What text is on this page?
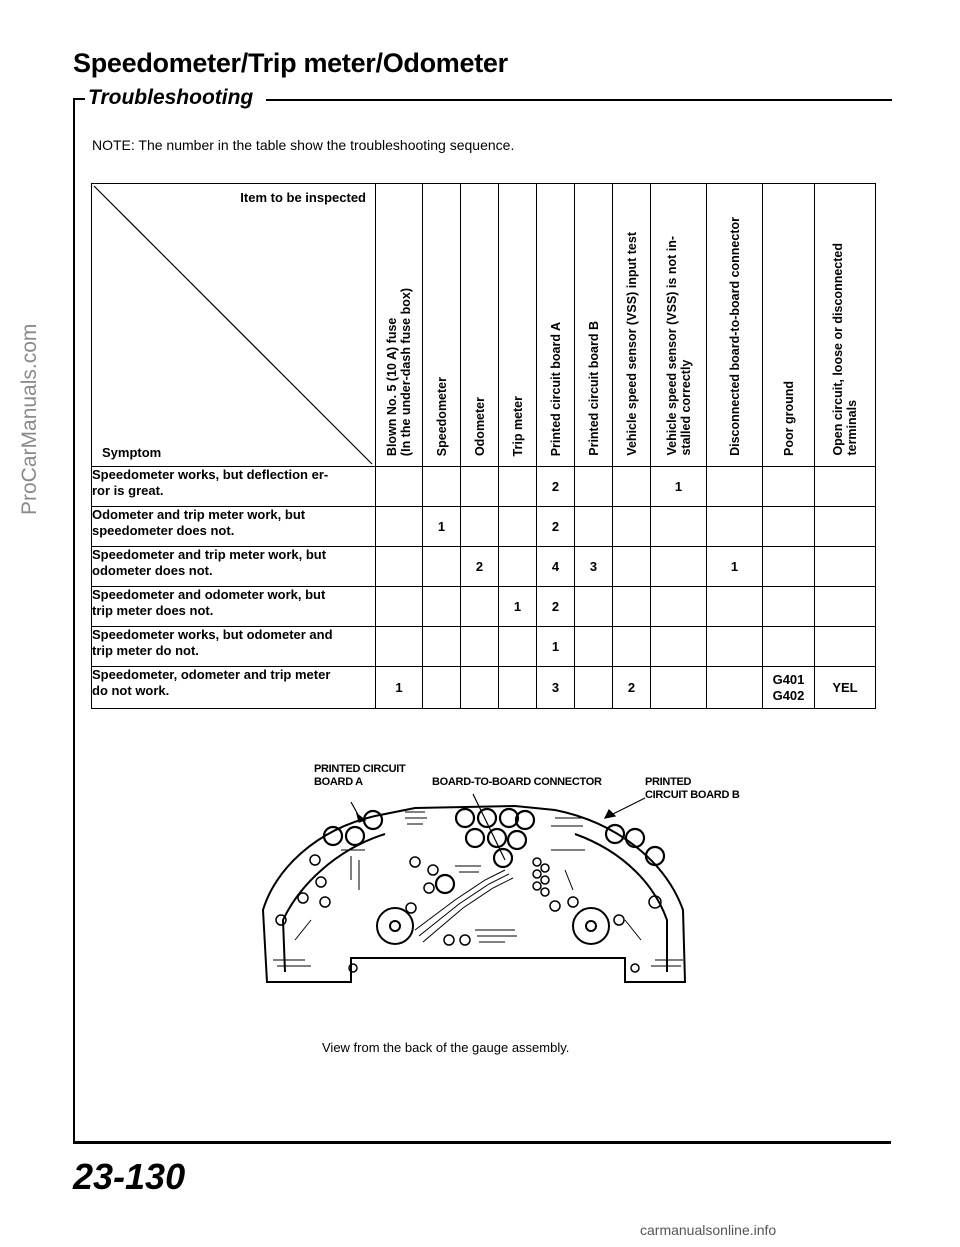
Speedometer/Trip meter/Odometer
Troubleshooting
NOTE: The number in the table show the troubleshooting sequence.
ProCarManuals.com
Item to be inspected
Symptom	Blown No. 5 (10 A) fuse
(In the under-dash fuse box)	Speedometer	Odometer	Trip meter	Printed circuit board A	Printed circuit board B	Vehicle speed sensor (VSS) input test	Vehicle speed sensor (VSS) is not in-
stalled correctly	Disconnected board-to-board connector	Poor ground	Open circuit, loose or disconnected
terminals

Speedometer works, but deflection er-
ror is great.					2			1			
Odometer and trip meter work, but
speedometer does not.		1			2						
Speedometer and trip meter work, but
odometer does not.			2		4	3			1		
Speedometer and odometer work, but
trip meter does not.				1	2						
Speedometer works, but odometer and
trip meter do not.					1						
Speedometer, odometer and trip meter
do not work.	1				3		2			G401
G402	YEL
PRINTED CIRCUIT
BOARD A	BOARD-TO-BOARD CONNECTOR	PRINTED
CIRCUIT BOARD B
View from the back of the gauge assembly.
23-130
carmanualsonline.info
